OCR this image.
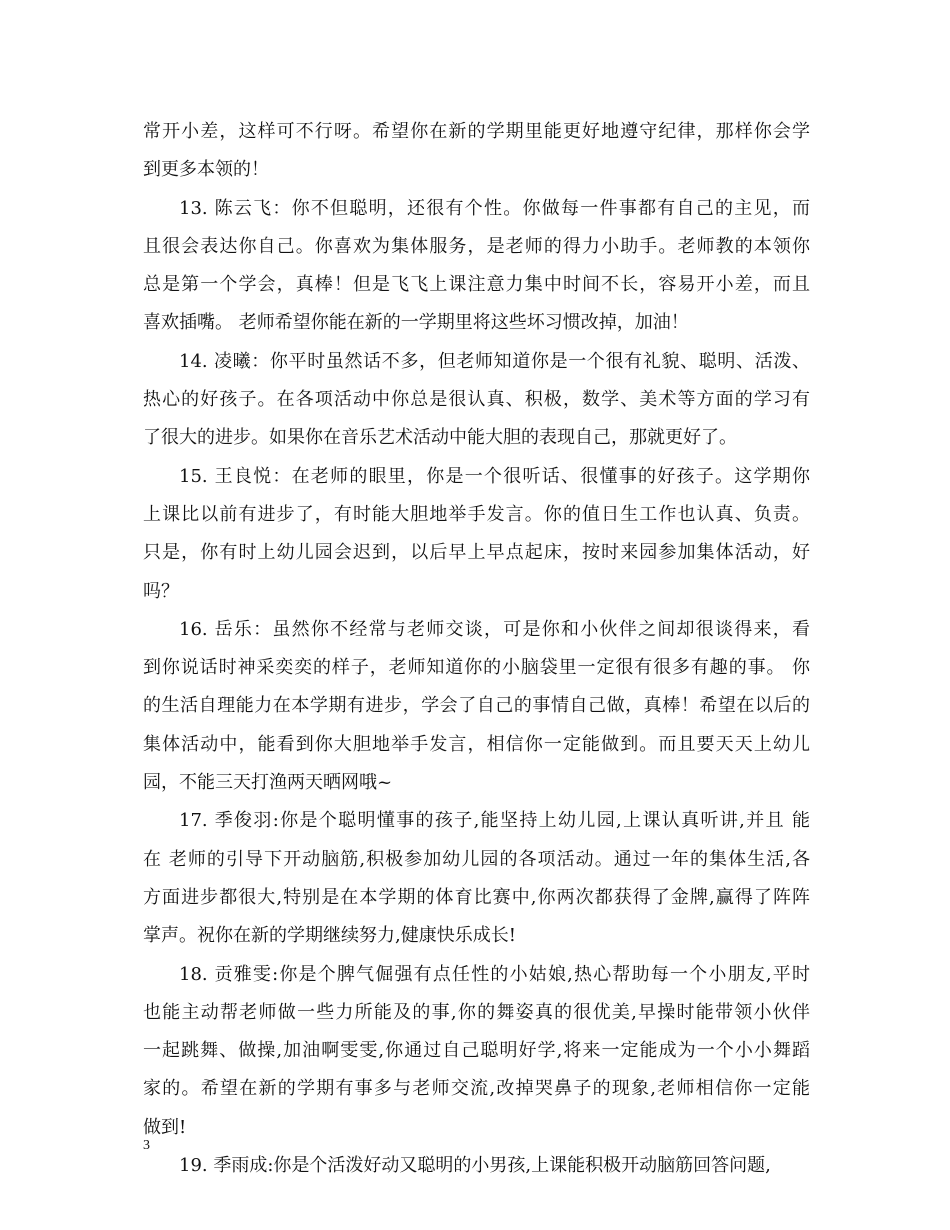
常开小差，这样可不行呀。希望你在新的学期里能更好地遵守纪律，那样你会学
到更多本领的！
13. 陈云飞：你不但聪明，还很有个性。你做每一件事都有自己的主见，而
且很会表达你自己。你喜欢为集体服务，是老师的得力小助手。老师教的本领你
总是第一个学会，真棒！但是飞飞上课注意力集中时间不长，容易开小差，而且
喜欢插嘴。 老师希望你能在新的一学期里将这些坏习惯改掉，加油！
14. 凌曦：你平时虽然话不多，但老师知道你是一个很有礼貌、聪明、活泼、
热心的好孩子。在各项活动中你总是很认真、积极，数学、美术等方面的学习有
了很大的进步。如果你在音乐艺术活动中能大胆的表现自己，那就更好了。
15. 王良悦：在老师的眼里，你是一个很听话、很懂事的好孩子。这学期你
上课比以前有进步了，有时能大胆地举手发言。你的值日生工作也认真、负责。
只是，你有时上幼儿园会迟到，以后早上早点起床，按时来园参加集体活动，好
吗？
16. 岳乐：虽然你不经常与老师交谈，可是你和小伙伴之间却很谈得来，看
到你说话时神采奕奕的样子，老师知道你的小脑袋里一定很有很多有趣的事。 你
的生活自理能力在本学期有进步，学会了自己的事情自己做，真棒！希望在以后的
集体活动中，能看到你大胆地举手发言，相信你一定能做到。而且要天天上幼儿
园，不能三天打渔两天晒网哦~
17. 季俊羽:你是个聪明懂事的孩子,能坚持上幼儿园,上课认真听讲,并且 能
在 老师的引导下开动脑筋,积极参加幼儿园的各项活动。通过一年的集体生活,各
方面进步都很大,特别是在本学期的体育比赛中,你两次都获得了金牌,赢得了阵阵
掌声。祝你在新的学期继续努力,健康快乐成长!
18. 贡雅雯:你是个脾气倔强有点任性的小姑娘,热心帮助每一个小朋友,平时
也能主动帮老师做一些力所能及的事,你的舞姿真的很优美,早操时能带领小伙伴
一起跳舞、做操,加油啊雯雯,你通过自己聪明好学,将来一定能成为一个小小舞蹈
家的。希望在新的学期有事多与老师交流,改掉哭鼻子的现象,老师相信你一定能
做到!
19. 季雨成:你是个活泼好动又聪明的小男孩,上课能积极开动脑筋回答问题,
3
